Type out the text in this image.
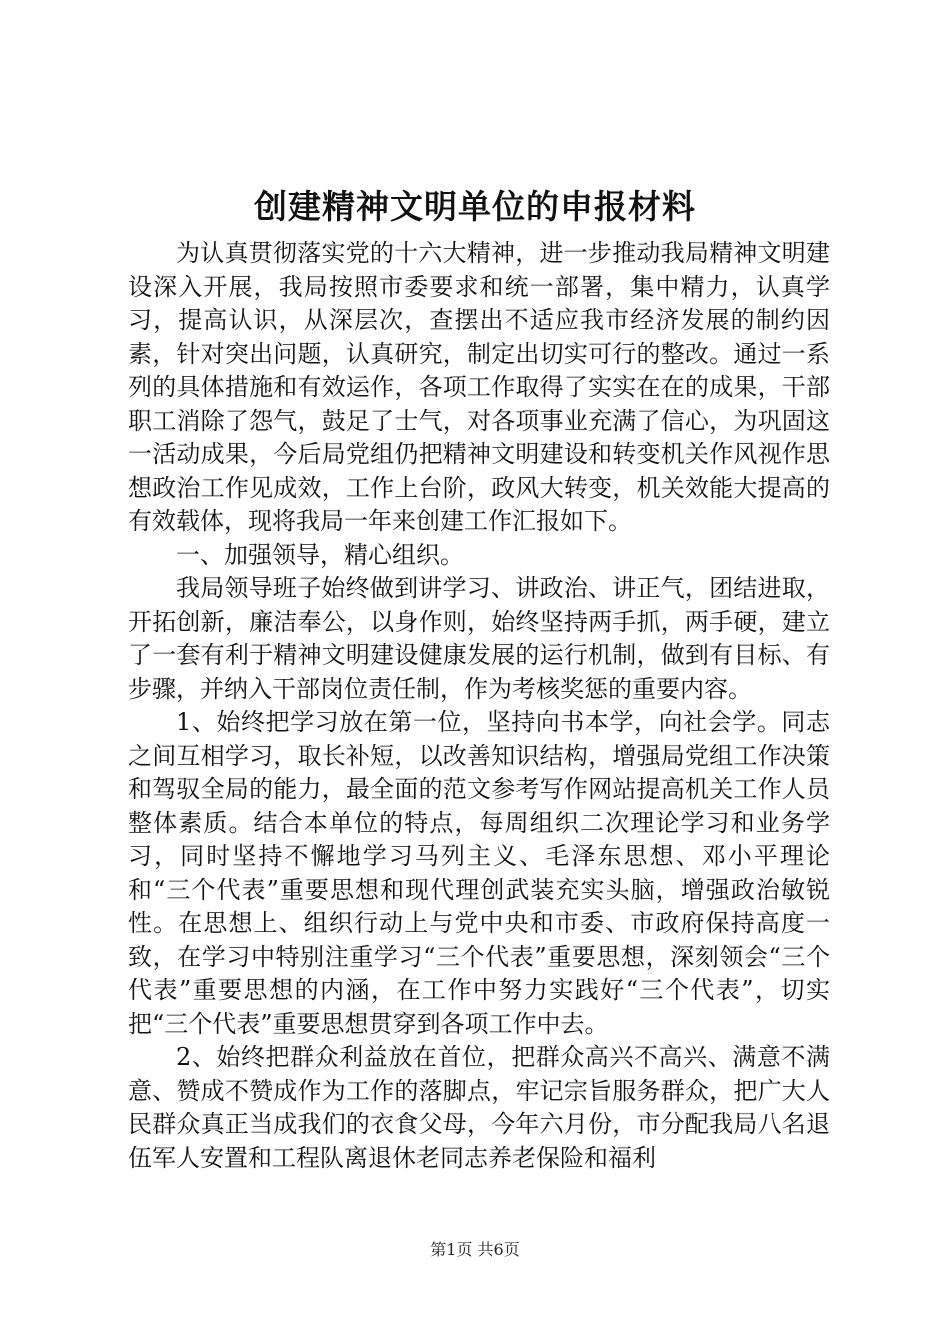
创建精神文明单位的申报材料

为认真贯彻落实党的十六大精神，进一步推动我局精神文明建设深入开展，我局按照市委要求和统一部署，集中精力，认真学习，提高认识，从深层次，查摆出不适应我市经济发展的制约因素，针对突出问题，认真研究，制定出切实可行的整改。通过一系列的具体措施和有效运作，各项工作取得了实实在在的成果，干部职工消除了怨气，鼓足了士气，对各项事业充满了信心，为巩固这一活动成果，今后局党组仍把精神文明建设和转变机关作风视作思想政治工作见成效，工作上台阶，政风大转变，机关效能大提高的有效载体，现将我局一年来创建工作汇报如下。

一、加强领导，精心组织。

我局领导班子始终做到讲学习、讲政治、讲正气，团结进取，开拓创新，廉洁奉公，以身作则，始终坚持两手抓，两手硬，建立了一套有利于精神文明建设健康发展的运行机制，做到有目标、有步骤，并纳入干部岗位责任制，作为考核奖惩的重要内容。

1、始终把学习放在第一位，坚持向书本学，向社会学。同志之间互相学习，取长补短，以改善知识结构，增强局党组工作决策和驾驭全局的能力，最全面的范文参考写作网站提高机关工作人员整体素质。结合本单位的特点，每周组织二次理论学习和业务学习，同时坚持不懈地学习马列主义、毛泽东思想、邓小平理论和“三个代表”重要思想和现代理创武装充实头脑，增强政治敏锐性。在思想上、组织行动上与党中央和市委、市政府保持高度一致，在学习中特别注重学习“三个代表”重要思想，深刻领会“三个代表”重要思想的内涵，在工作中努力实践好“三个代表”，切实把“三个代表”重要思想贯穿到各项工作中去。

2、始终把群众利益放在首位，把群众高兴不高兴、满意不满意、赞成不赞成作为工作的落脚点，牢记宗旨服务群众，把广大人民群众真正当成我们的衣食父母，今年六月份，市分配我局八名退伍军人安置和工程队离退休老同志养老保险和福利

第1页 共6页
